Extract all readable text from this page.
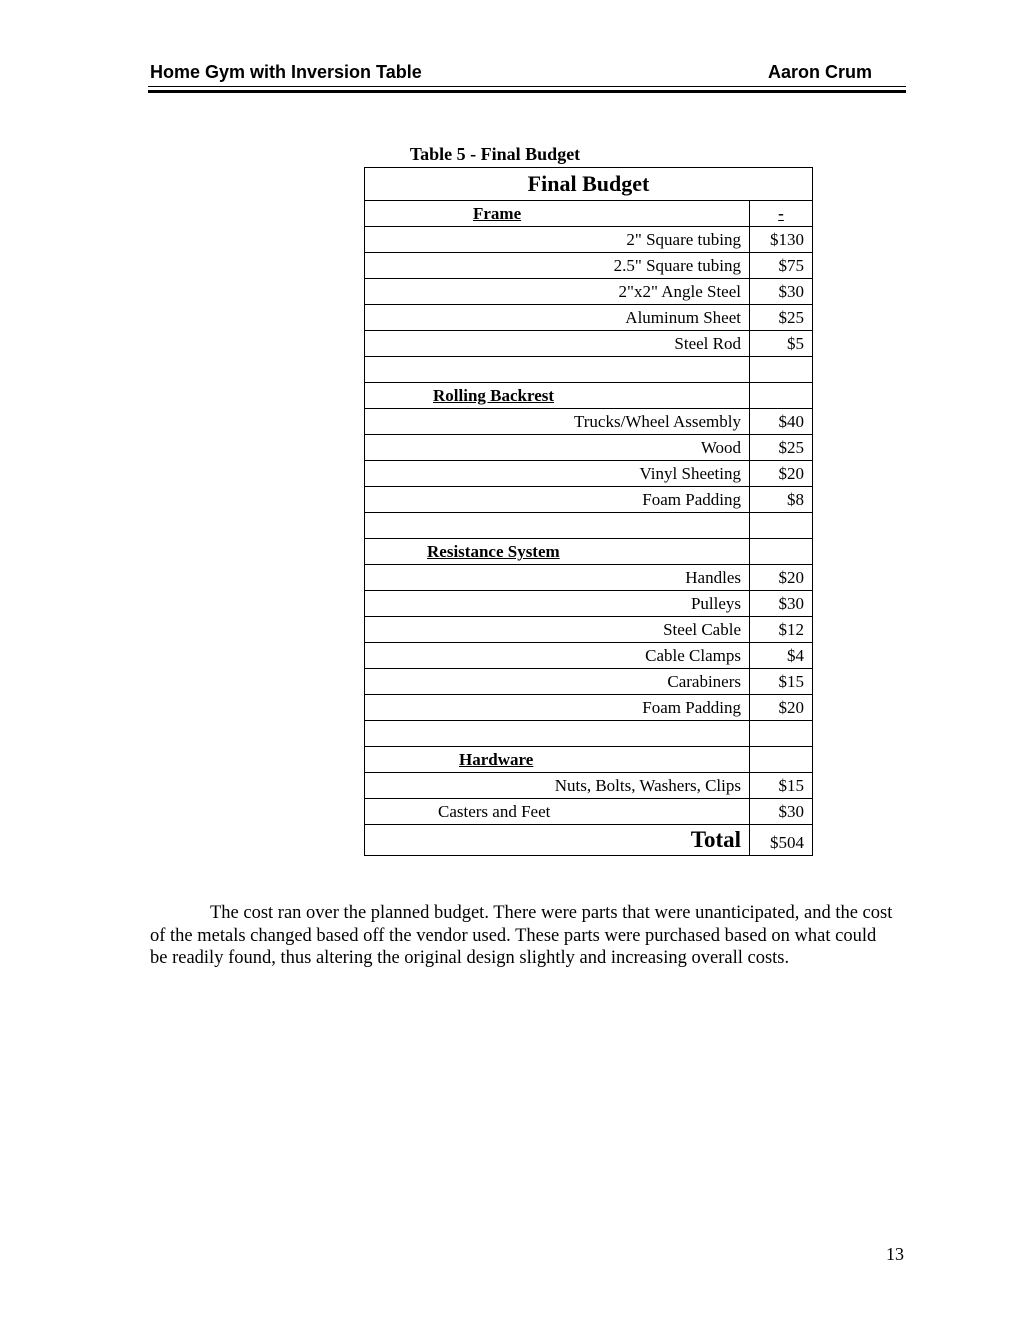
Home Gym with Inversion Table	Aaron Crum
Table 5 - Final Budget
Final Budget	
Frame	-
2" Square tubing	$130
2.5" Square tubing	$75
2"x2" Angle Steel	$30
Aluminum Sheet	$25
Steel Rod	$5

Rolling Backrest	
Trucks/Wheel Assembly	$40
Wood	$25
Vinyl Sheeting	$20
Foam Padding	$8

Resistance System	
Handles	$20
Pulleys	$30
Steel Cable	$12
Cable Clamps	$4
Carabiners	$15
Foam Padding	$20

Hardware	
Nuts, Bolts, Washers, Clips	$15
Casters and Feet	$30
Total	$504

The cost ran over the planned budget. There were parts that were unanticipated, and the cost of the metals changed based off the vendor used. These parts were purchased based on what could be readily found, thus altering the original design slightly and increasing overall costs.

13
